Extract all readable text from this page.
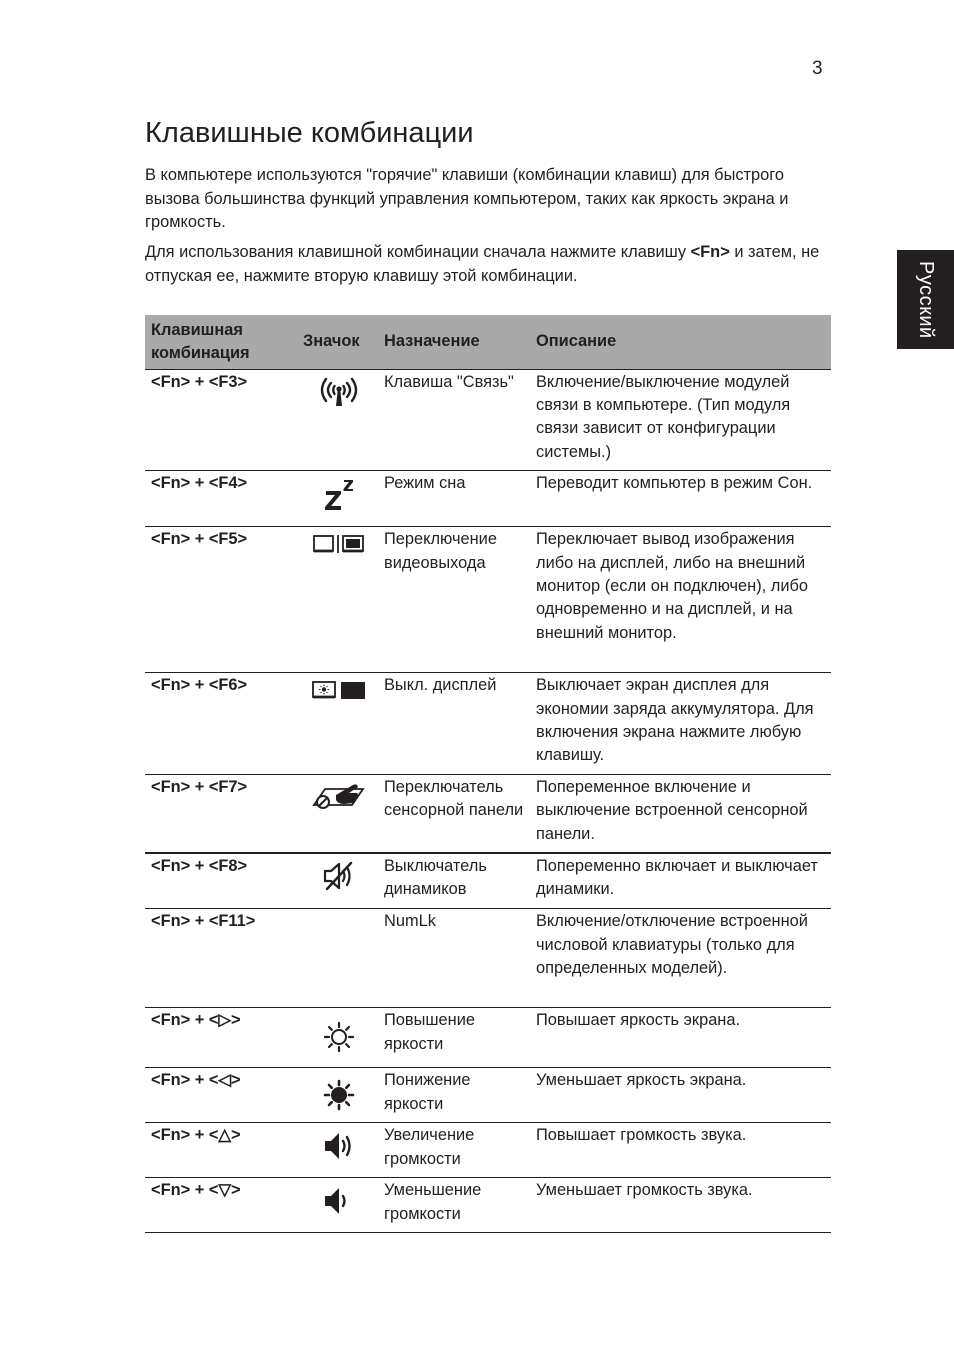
3
Русский
Клавишные комбинации

В компьютере используются "горячие" клавиши (комбинации клавиш) для быстрого вызова большинства функций управления компьютером, таких как яркость экрана и громкость.

Для использования клавишной комбинации сначала нажмите клавишу <Fn> и затем, не отпуская ее, нажмите вторую клавишу этой комбинации.

Клавишная комбинация	Значок	Назначение	Описание
<Fn> + <F3>		Клавиша "Связь"	Включение/выключение модулей связи в компьютере. (Тип модуля связи зависит от конфигурации системы.)
<Fn> + <F4>		Режим сна	Переводит компьютер в режим Сон.
<Fn> + <F5>		Переключение видеовыхода	Переключает вывод изображения либо на дисплей, либо на внешний монитор (если он подключен), либо одновременно и на дисплей, и на внешний монитор.
<Fn> + <F6>		Выкл. дисплей	Выключает экран дисплея для экономии заряда аккумулятора. Для включения экрана нажмите любую клавишу.
<Fn> + <F7>		Переключатель сенсорной панели	Попеременное включение и выключение встроенной сенсорной панели.
<Fn> + <F8>		Выключатель динамиков	Попеременно включает и выключает динамики.
<Fn> + <F11>		NumLk	Включение/отключение встроенной числовой клавиатуры (только для определенных моделей).
<Fn> + <▷>		Повышение яркости	Повышает яркость экрана.
<Fn> + <◁>		Понижение яркости	Уменьшает яркость экрана.
<Fn> + <△>		Увеличение громкости	Повышает громкость звука.
<Fn> + <▽>		Уменьшение громкости	Уменьшает громкость звука.
